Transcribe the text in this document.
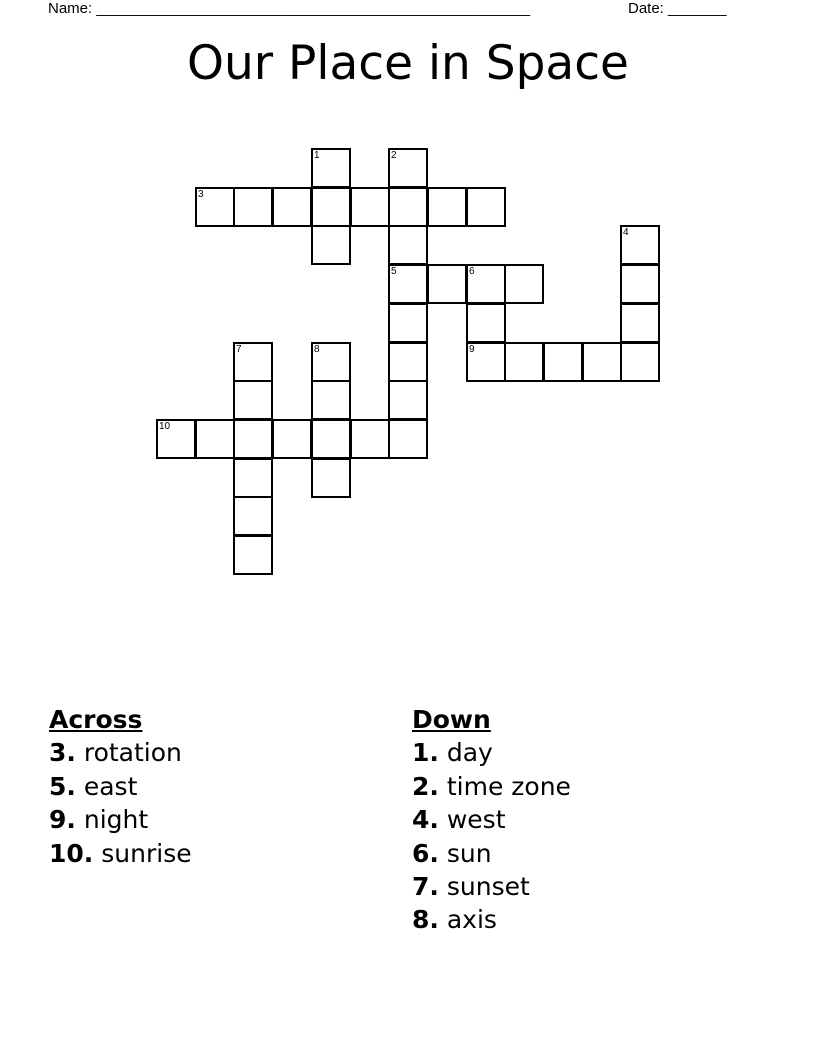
Name: ____________________________________________________	Date: _______
Our Place in Space
1	2
5
3
4
6
9
7	8
10
Across
3. rotation
5. east
9. night
10. sunrise
Down
1. day
2. time zone
4. west
6. sun
7. sunset
8. axis
